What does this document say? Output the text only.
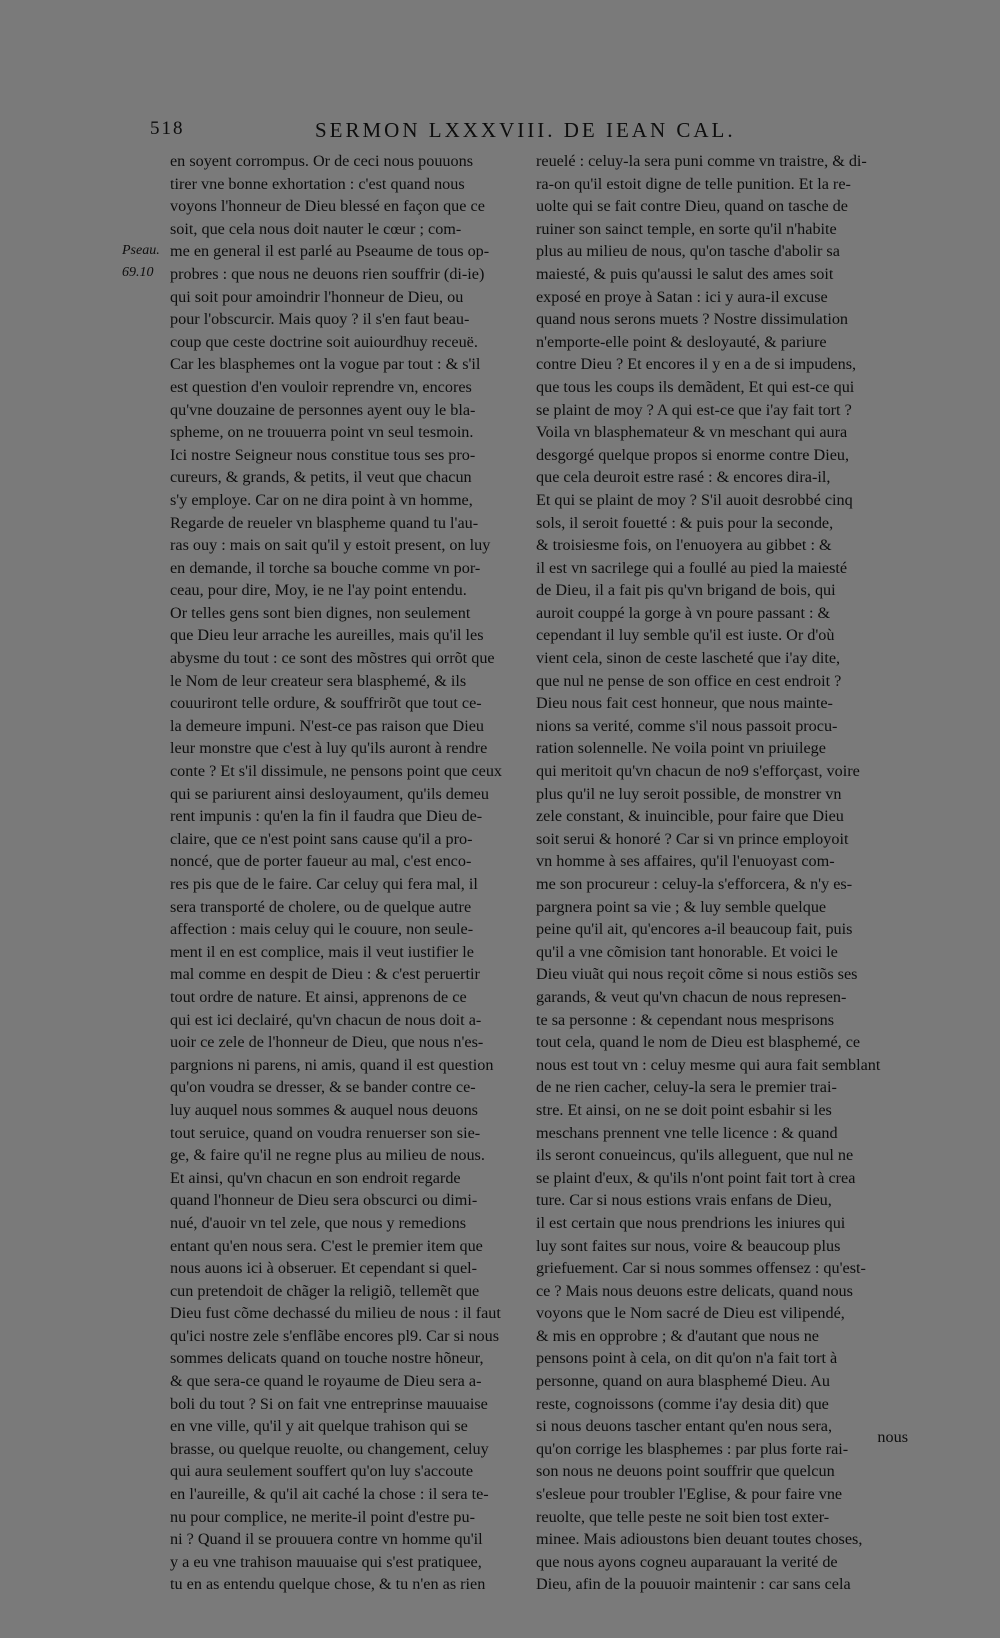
518	SERMON LXXXVIII. DE IEAN CAL.
Pseau.
69.10
en soyent corrompus. Or de ceci nous pouuons
tirer vne bonne exhortation : c'est quand nous
voyons l'honneur de Dieu blessé en façon que ce
soit, que cela nous doit nauter le cœur ; com-
me en general il est parlé au Pseaume de tous op-
probres : que nous ne deuons rien souffrir (di-ie)
qui soit pour amoindrir l'honneur de Dieu, ou
pour l'obscurcir. Mais quoy ? il s'en faut beau-
coup que ceste doctrine soit auiourdhuy receuë.
Car les blasphemes ont la vogue par tout : & s'il
est question d'en vouloir reprendre vn, encores
qu'vne douzaine de personnes ayent ouy le bla-
spheme, on ne trouuerra point vn seul tesmoin.
Ici nostre Seigneur nous constitue tous ses pro-
cureurs, & grands, & petits, il veut que chacun
s'y employe. Car on ne dira point à vn homme,
Regarde de reueler vn blaspheme quand tu l'au-
ras ouy : mais on sait qu'il y estoit present, on luy
en demande, il torche sa bouche comme vn por-
ceau, pour dire, Moy, ie ne l'ay point entendu.
Or telles gens sont bien dignes, non seulement
que Dieu leur arrache les aureilles, mais qu'il les
abysme du tout : ce sont des mõstres qui orrõt que
le Nom de leur createur sera blasphemé, & ils
couuriront telle ordure, & souffrirõt que tout ce-
la demeure impuni. N'est-ce pas raison que Dieu
leur monstre que c'est à luy qu'ils auront à rendre
conte ? Et s'il dissimule, ne pensons point que ceux
qui se pariurent ainsi desloyaument, qu'ils demeu
rent impunis : qu'en la fin il faudra que Dieu de-
claire, que ce n'est point sans cause qu'il a pro-
noncé, que de porter faueur au mal, c'est enco-
res pis que de le faire. Car celuy qui fera mal, il
sera transporté de cholere, ou de quelque autre
affection : mais celuy qui le couure, non seule-
ment il en est complice, mais il veut iustifier le
mal comme en despit de Dieu : & c'est peruertir
tout ordre de nature. Et ainsi, apprenons de ce
qui est ici declairé, qu'vn chacun de nous doit a-
uoir ce zele de l'honneur de Dieu, que nous n'es-
pargnions ni parens, ni amis, quand il est question
qu'on voudra se dresser, & se bander contre ce-
luy auquel nous sommes & auquel nous deuons
tout seruice, quand on voudra renuerser son sie-
ge, & faire qu'il ne regne plus au milieu de nous.
Et ainsi, qu'vn chacun en son endroit regarde
quand l'honneur de Dieu sera obscurci ou dimi-
nué, d'auoir vn tel zele, que nous y remedions
entant qu'en nous sera. C'est le premier item que
nous auons ici à obseruer. Et cependant si quel-
cun pretendoit de chãger la religiõ, tellemẽt que
Dieu fust cõme dechassé du milieu de nous : il faut
qu'ici nostre zele s'enflãbe encores pl9. Car si nous
sommes delicats quand on touche nostre hõneur,
& que sera-ce quand le royaume de Dieu sera a-
boli du tout ? Si on fait vne entreprinse mauuaise
en vne ville, qu'il y ait quelque trahison qui se
brasse, ou quelque reuolte, ou changement, celuy
qui aura seulement souffert qu'on luy s'accoute
en l'aureille, & qu'il ait caché la chose : il sera te-
nu pour complice, ne merite-il point d'estre pu-
ni ? Quand il se prouuera contre vn homme qu'il
y a eu vne trahison mauuaise qui s'est pratiquee,
tu en as entendu quelque chose, & tu n'en as rien
reuelé : celuy-la sera puni comme vn traistre, & di-
ra-on qu'il estoit digne de telle punition. Et la re-
uolte qui se fait contre Dieu, quand on tasche de
ruiner son sainct temple, en sorte qu'il n'habite
plus au milieu de nous, qu'on tasche d'abolir sa
maiesté, & puis qu'aussi le salut des ames soit
exposé en proye à Satan : ici y aura-il excuse
quand nous serons muets ? Nostre dissimulation
n'emporte-elle point & desloyauté, & pariure
contre Dieu ? Et encores il y en a de si impudens,
que tous les coups ils demãdent, Et qui est-ce qui
se plaint de moy ? A qui est-ce que i'ay fait tort ?
Voila vn blasphemateur & vn meschant qui aura
desgorgé quelque propos si enorme contre Dieu,
que cela deuroit estre rasé : & encores dira-il,
Et qui se plaint de moy ? S'il auoit desrobbé cinq
sols, il seroit fouetté : & puis pour la seconde,
& troisiesme fois, on l'enuoyera au gibbet : &
il est vn sacrilege qui a foullé au pied la maiesté
de Dieu, il a fait pis qu'vn brigand de bois, qui
auroit couppé la gorge à vn poure passant : &
cependant il luy semble qu'il est iuste. Or d'où
vient cela, sinon de ceste lascheté que i'ay dite,
que nul ne pense de son office en cest endroit ?
Dieu nous fait cest honneur, que nous mainte-
nions sa verité, comme s'il nous passoit procu-
ration solennelle. Ne voila point vn priuilege
qui meritoit qu'vn chacun de no9 s'efforçast, voire
plus qu'il ne luy seroit possible, de monstrer vn
zele constant, & inuincible, pour faire que Dieu
soit serui & honoré ? Car si vn prince employoit
vn homme à ses affaires, qu'il l'enuoyast com-
me son procureur : celuy-la s'efforcera, & n'y es-
pargnera point sa vie ; & luy semble quelque
peine qu'il ait, qu'encores a-il beaucoup fait, puis
qu'il a vne cõmision tant honorable. Et voici le
Dieu viuãt qui nous reçoit cõme si nous estiõs ses
garands, & veut qu'vn chacun de nous represen-
te sa personne : & cependant nous mesprisons
tout cela, quand le nom de Dieu est blasphemé, ce
nous est tout vn : celuy mesme qui aura fait semblant
de ne rien cacher, celuy-la sera le premier trai-
stre. Et ainsi, on ne se doit point esbahir si les
meschans prennent vne telle licence : & quand
ils seront conueincus, qu'ils alleguent, que nul ne
se plaint d'eux, & qu'ils n'ont point fait tort à crea
ture. Car si nous estions vrais enfans de Dieu,
il est certain que nous prendrions les iniures qui
luy sont faites sur nous, voire & beaucoup plus
griefuement. Car si nous sommes offensez : qu'est-
ce ? Mais nous deuons estre delicats, quand nous
voyons que le Nom sacré de Dieu est vilipendé,
& mis en opprobre ; & d'autant que nous ne
pensons point à cela, on dit qu'on n'a fait tort à
personne, quand on aura blasphemé Dieu. Au
reste, cognoissons (comme i'ay desia dit) que
si nous deuons tascher entant qu'en nous sera,
qu'on corrige les blasphemes : par plus forte rai-
son nous ne deuons point souffrir que quelcun
s'esleue pour troubler l'Eglise, & pour faire vne
reuolte, que telle peste ne soit bien tost exter-
minee. Mais adioustons bien deuant toutes choses,
que nous ayons cogneu auparauant la verité de
Dieu, afin de la pouuoir maintenir : car sans cela
nous
